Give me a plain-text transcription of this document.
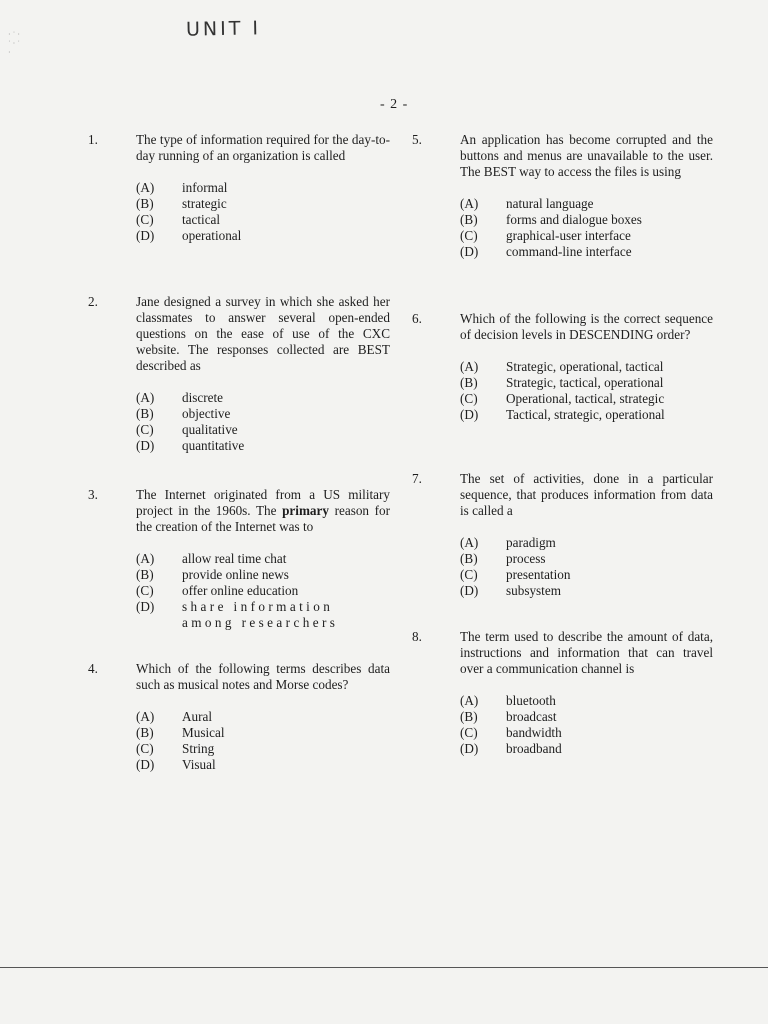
· ˙ ·
˙ · ˙
·
UNIT I
- 2 -
1.	The type of information required for the day-to-day running of an organization is called
(A)	informal
(B)	strategic
(C)	tactical
(D)	operational
2.	Jane designed a survey in which she asked her classmates to answer several open-ended questions on the ease of use of the CXC website. The responses collected are BEST described as
(A)	discrete
(B)	objective
(C)	qualitative
(D)	quantitative
3.	The Internet originated from a US military project in the 1960s. The primary reason for the creation of the Internet was to
(A)	allow real time chat
(B)	provide online news
(C)	offer online education
(D)	share information among researchers
4.	Which of the following terms describes data such as musical notes and Morse codes?
(A)	Aural
(B)	Musical
(C)	String
(D)	Visual
5.	An application has become corrupted and the buttons and menus are unavailable to the user. The BEST way to access the files is using
(A)	natural language
(B)	forms and dialogue boxes
(C)	graphical-user interface
(D)	command-line interface
6.	Which of the following is the correct sequence of decision levels in DESCENDING order?
(A)	Strategic, operational, tactical
(B)	Strategic, tactical, operational
(C)	Operational, tactical, strategic
(D)	Tactical, strategic, operational
7.	The set of activities, done in a particular sequence, that produces information from data is called a
(A)	paradigm
(B)	process
(C)	presentation
(D)	subsystem
8.	The term used to describe the amount of data, instructions and information that can travel over a communication channel is
(A)	bluetooth
(B)	broadcast
(C)	bandwidth
(D)	broadband
